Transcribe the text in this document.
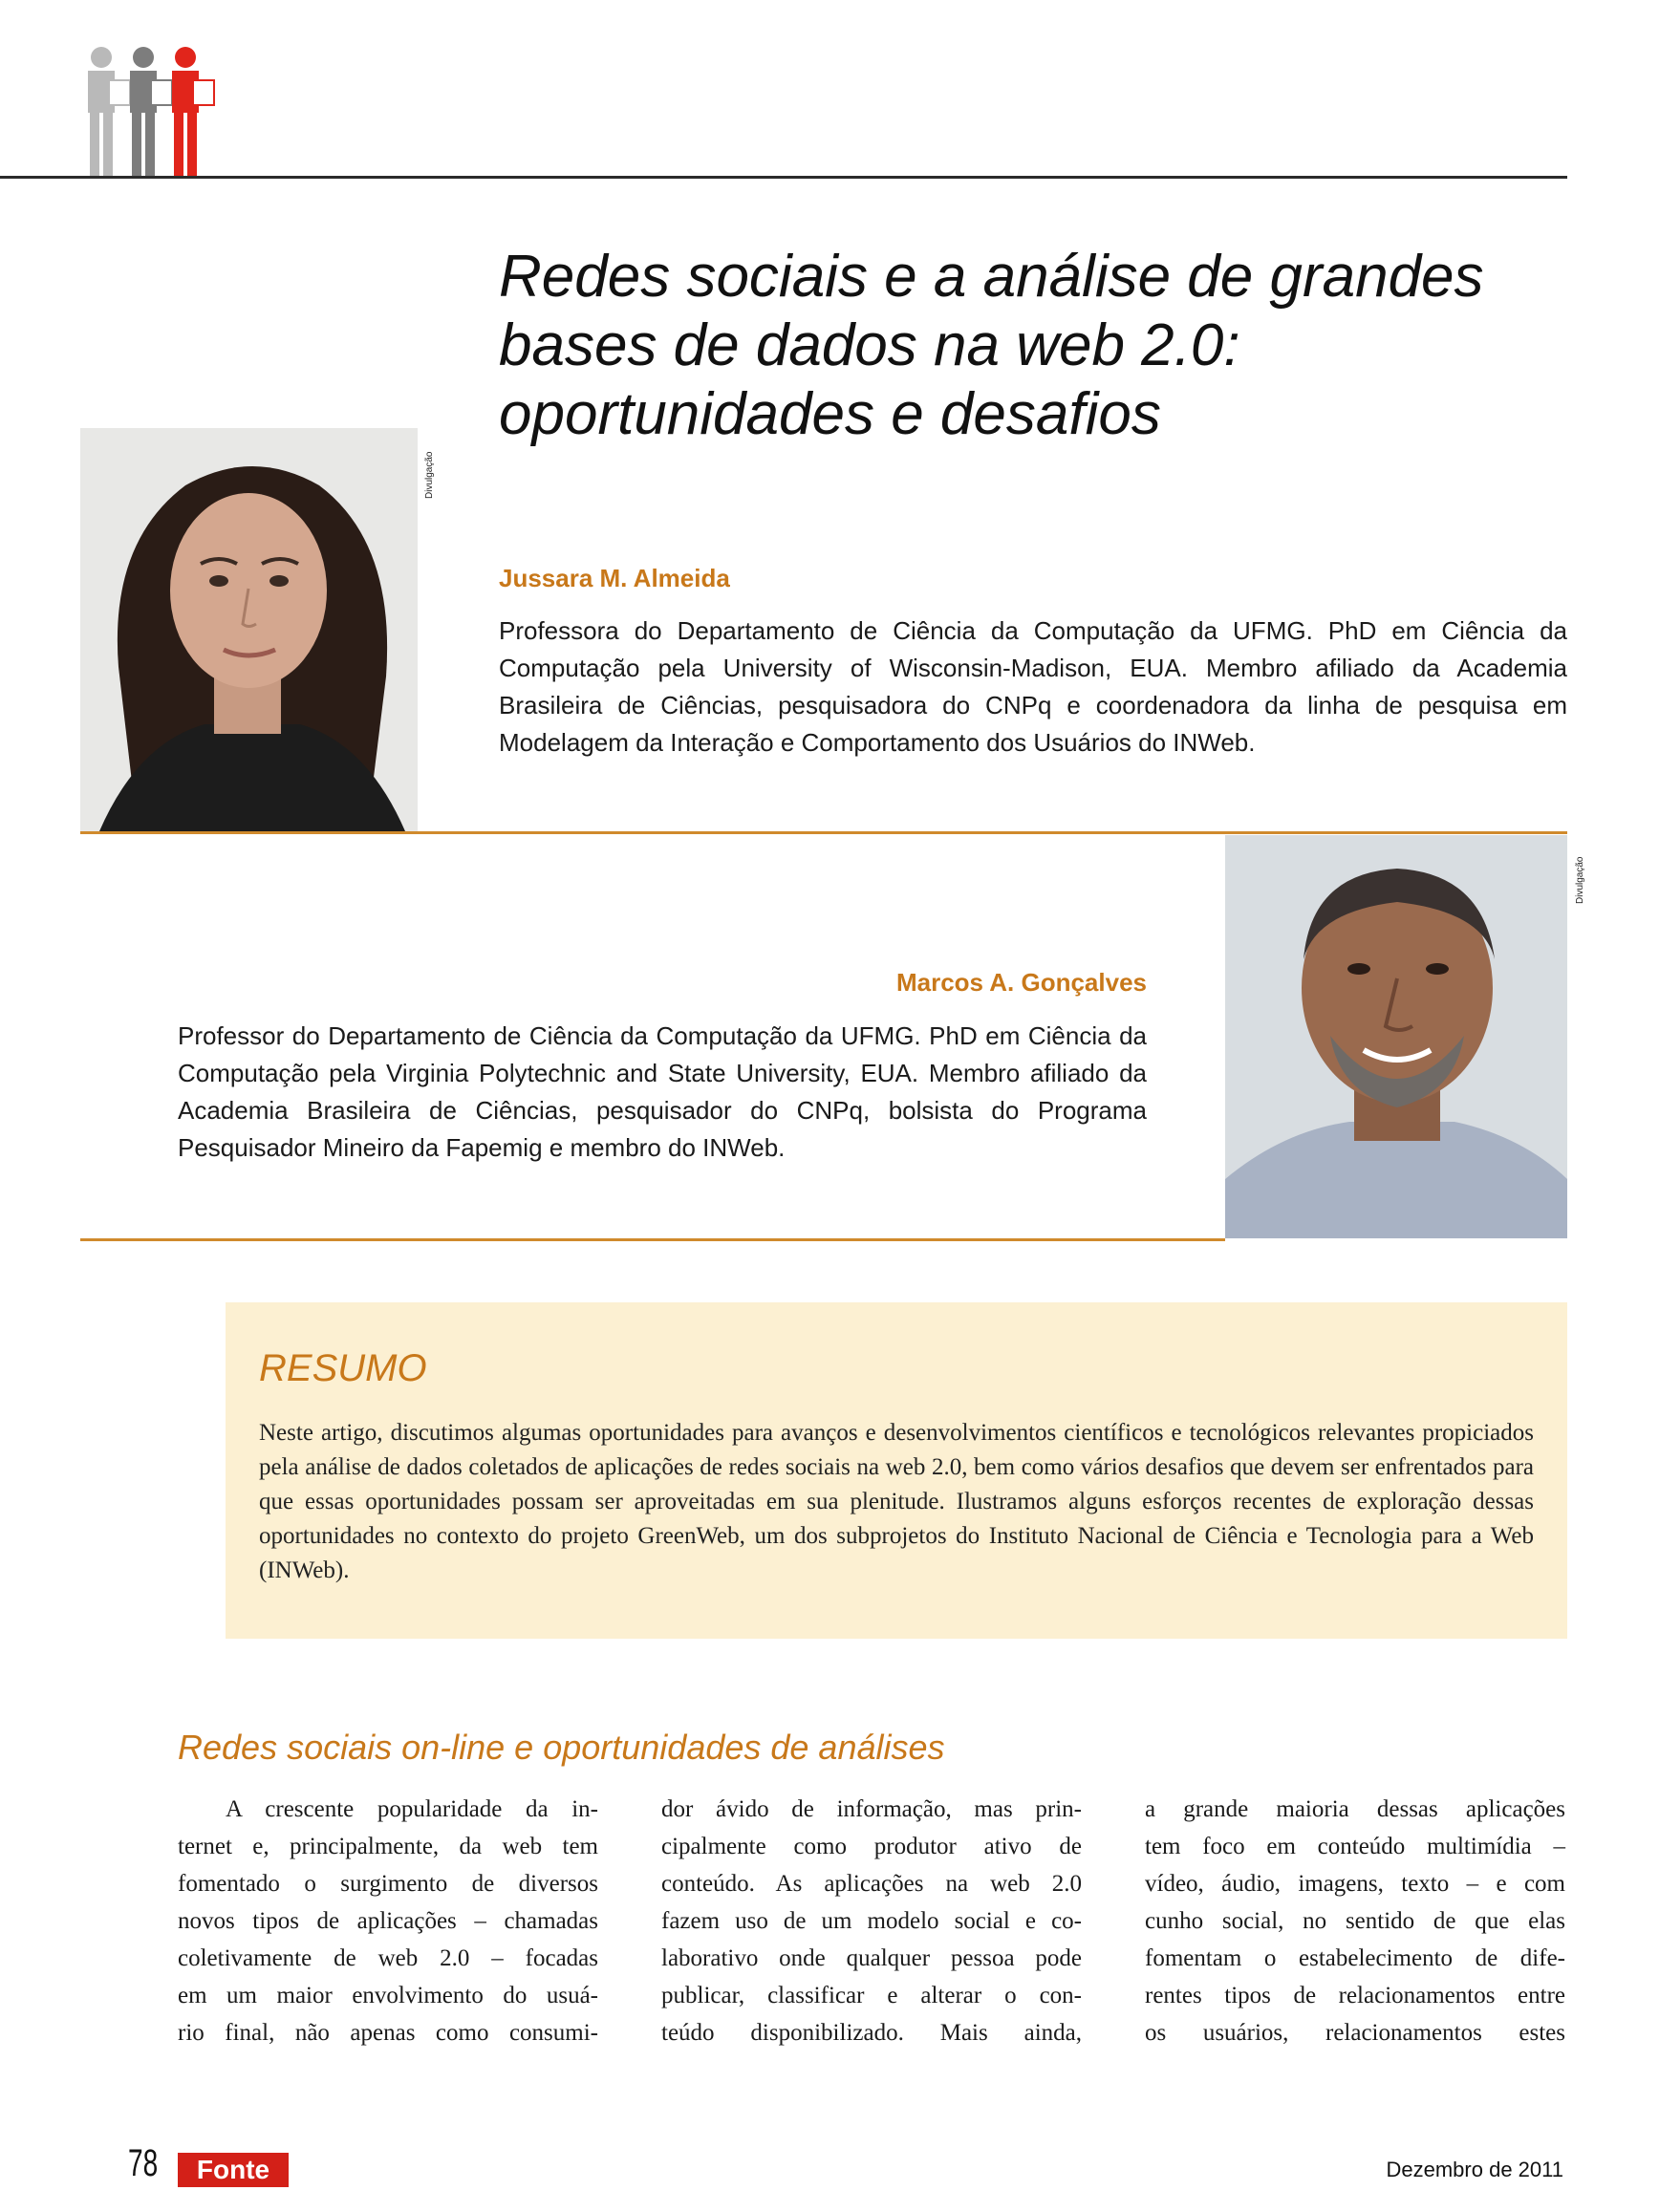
Redes sociais e a análise de grandes
bases de dados na web 2.0:
oportunidades e desafios
Divulgação
Jussara M. Almeida

Professora do Departamento de Ciência da Computação da UFMG. PhD em Ciência da Computação pela University of Wisconsin-Madison, EUA. Membro afiliado da Academia Brasileira de Ciências, pesquisadora do CNPq e coordenadora da linha de pesquisa em Modelagem da Interação e Comportamento dos Usuários do INWeb.

Divulgação
Marcos A. Gonçalves

Professor do Departamento de Ciência da Computação da UFMG. PhD em Ciência da Computação pela Virginia Polytechnic and State University, EUA. Membro afiliado da Academia Brasileira de Ciências, pesquisador do CNPq, bolsista do Programa Pesquisador Mineiro da Fapemig e membro do INWeb.

RESUMO

Neste artigo, discutimos algumas oportunidades para avanços e desenvolvimentos científicos e tecnológicos relevantes propiciados pela análise de dados coletados de aplicações de redes sociais na web 2.0, bem como vários desafios que devem ser enfrentados para que essas oportunidades possam ser aproveitadas em sua plenitude. Ilustramos alguns esforços recentes de exploração dessas oportunidades no contexto do projeto GreenWeb, um dos subprojetos do Instituto Nacional de Ciência e Tecnologia para a Web (INWeb).

Redes sociais on-line e oportunidades de análises
A crescente popularidade da in-
ternet e, principalmente, da web tem
fomentado o surgimento de diversos
novos tipos de aplicações – chamadas
coletivamente de web 2.0 – focadas
em um maior envolvimento do usuá-
rio final, não apenas como consumi-
dor ávido de informação, mas prin-
cipalmente como produtor ativo de
conteúdo. As aplicações na web 2.0
fazem uso de um modelo social e co-
laborativo onde qualquer pessoa pode
publicar, classificar e alterar o con-
teúdo disponibilizado. Mais ainda,
a grande maioria dessas aplicações
tem foco em conteúdo multimídia –
vídeo, áudio, imagens, texto – e com
cunho social, no sentido de que elas
fomentam o estabelecimento de dife-
rentes tipos de relacionamentos entre
os usuários, relacionamentos estes
78	Fonte	Dezembro de 2011
